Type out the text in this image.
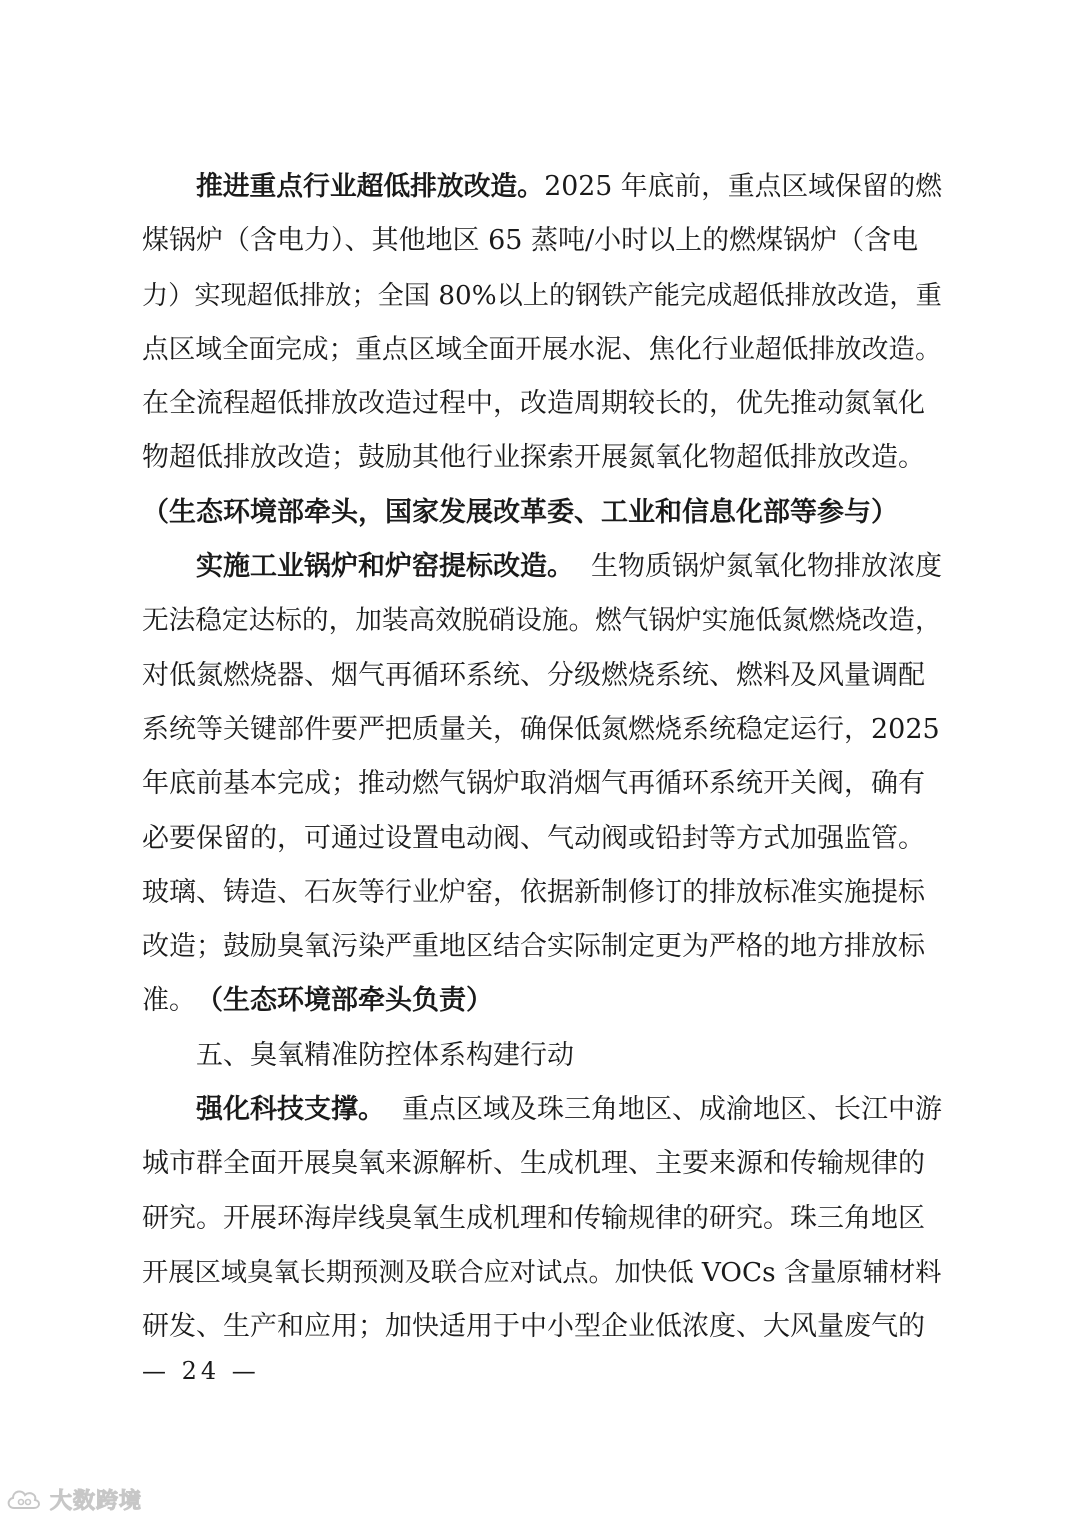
推进重点行业超低排放改造。 2025 年底前，重点区域保留的燃
煤锅炉（含电力）、其他地区 65 蒸吨/小时以上的燃煤锅炉（含电
力）实现超低排放；全国 80%以上的钢铁产能完成超低排放改造，重
点区域全面完成；重点区域全面开展水泥、焦化行业超低排放改造。
在全流程超低排放改造过程中，改造周期较长的，优先推动氮氧化
物超低排放改造；鼓励其他行业探索开展氮氧化物超低排放改造。
（生态环境部牵头，国家发展改革委、工业和信息化部等参与）
实施工业锅炉和炉窑提标改造。 生物质锅炉氮氧化物排放浓度
无法稳定达标的，加装高效脱硝设施。燃气锅炉实施低氮燃烧改造，
对低氮燃烧器、烟气再循环系统、分级燃烧系统、燃料及风量调配
系统等关键部件要严把质量关，确保低氮燃烧系统稳定运行，2025
年底前基本完成；推动燃气锅炉取消烟气再循环系统开关阀，确有
必要保留的，可通过设置电动阀、气动阀或铅封等方式加强监管。
玻璃、铸造、石灰等行业炉窑，依据新制修订的排放标准实施提标
改造；鼓励臭氧污染严重地区结合实际制定更为严格的地方排放标
准。 （生态环境部牵头负责）
五、臭氧精准防控体系构建行动
强化科技支撑。 重点区域及珠三角地区、成渝地区、长江中游
城市群全面开展臭氧来源解析、生成机理、主要来源和传输规律的
研究。开展环海岸线臭氧生成机理和传输规律的研究。珠三角地区
开展区域臭氧长期预测及联合应对试点。加快低 VOCs 含量原辅材料
研发、生产和应用；加快适用于中小型企业低浓度、大风量废气的
— 24 —
大数跨境
